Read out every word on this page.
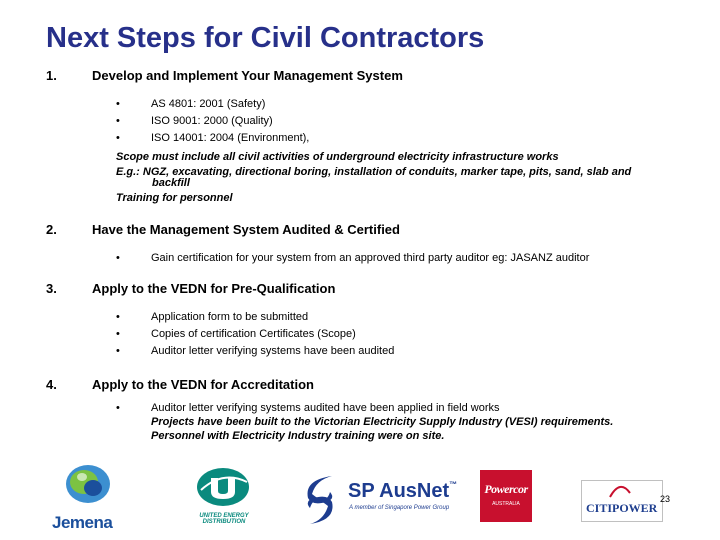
Next Steps for Civil Contractors
1.	Develop and Implement Your Management System
•	AS 4801: 2001 (Safety)
•	ISO 9001: 2000 (Quality)
•	ISO 14001: 2004 (Environment),
Scope must include all civil activities of underground electricity infrastructure works
E.g.: NGZ, excavating, directional boring, installation of conduits, marker tape, pits, sand, slab and
backfill
Training for personnel
2.	Have the Management System Audited & Certified
•	Gain certification for your system from an approved third party auditor eg: JASANZ auditor
3.	Apply to the VEDN for Pre-Qualification
•	Application form to be submitted
•	Copies of certification Certificates (Scope)
•	Auditor letter verifying systems have been audited
4.	Apply to the VEDN for Accreditation
•	Auditor letter verifying systems audited have been applied in field works
Projects have been built to the Victorian Electricity Supply Industry (VESI) requirements.
Personnel with Electricity Industry training were on site.
Jemena	UNITED ENERGY
DISTRIBUTION
SP AusNet™
A member of Singapore Power Group
Powercor
AUSTRALIA	CITIPOWER
23
